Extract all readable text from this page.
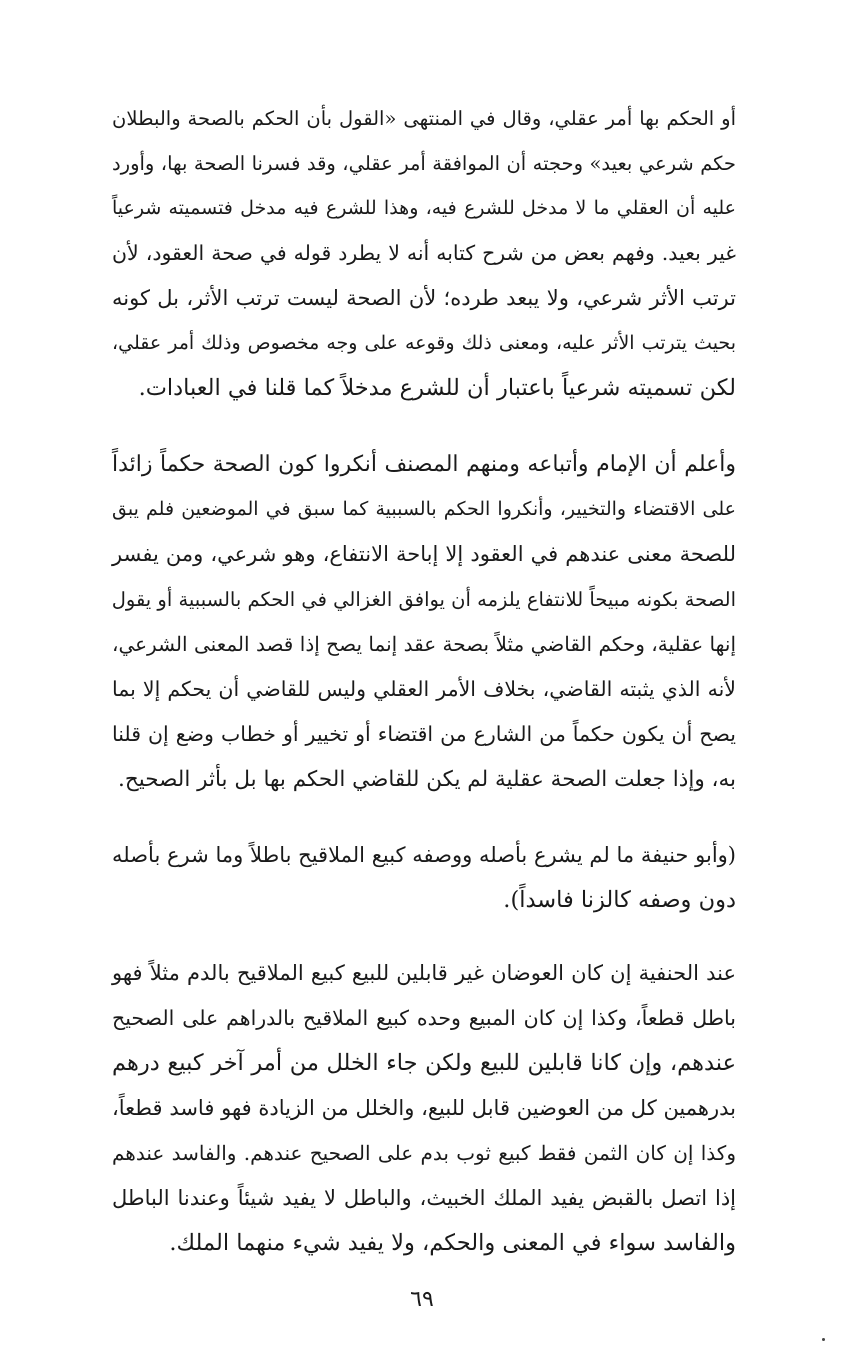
أو الحكم بها أمر عقلي، وقال في المنتهى «القول بأن الحكم بالصحة والبطلان
حكم شرعي بعيد» وحجته أن الموافقة أمر عقلي، وقد فسرنا الصحة بها، وأورد
عليه أن العقلي ما لا مدخل للشرع فيه، وهذا للشرع فيه مدخل فتسميته شرعياً
غير بعيد. وفهم بعض من شرح كتابه أنه لا يطرد قوله في صحة العقود، لأن
ترتب الأثر شرعي، ولا يبعد طرده؛ لأن الصحة ليست ترتب الأثر، بل كونه
بحيث يترتب الأثر عليه، ومعنى ذلك وقوعه على وجه مخصوص وذلك أمر عقلي،
لكن تسميته شرعياً باعتبار أن للشرع مدخلاً كما قلنا في العبادات.

وأعلم أن الإمام وأتباعه ومنهم المصنف أنكروا كون الصحة حكماً زائداً
على الاقتضاء والتخيير، وأنكروا الحكم بالسببية كما سبق في الموضعين فلم يبق
للصحة معنى عندهم في العقود إلا إباحة الانتفاع، وهو شرعي، ومن يفسر
الصحة بكونه مبيحاً للانتفاع يلزمه أن يوافق الغزالي في الحكم بالسببية أو يقول
إنها عقلية، وحكم القاضي مثلاً بصحة عقد إنما يصح إذا قصد المعنى الشرعي،
لأنه الذي يثبته القاضي، بخلاف الأمر العقلي وليس للقاضي أن يحكم إلا بما
يصح أن يكون حكماً من الشارع من اقتضاء أو تخيير أو خطاب وضع إن قلنا
به، وإذا جعلت الصحة عقلية لم يكن للقاضي الحكم بها بل بأثر الصحيح.

(وأبو حنيفة ما لم يشرع بأصله ووصفه كبيع الملاقيح باطلاً وما شرع بأصله
دون وصفه كالزنا فاسداً).

عند الحنفية إن كان العوضان غير قابلين للبيع كبيع الملاقيح بالدم مثلاً فهو
باطل قطعاً، وكذا إن كان المبيع وحده كبيع الملاقيح بالدراهم على الصحيح
عندهم، وإن كانا قابلين للبيع ولكن جاء الخلل من أمر آخر كبيع درهم
بدرهمين كل من العوضين قابل للبيع، والخلل من الزيادة فهو فاسد قطعاً،
وكذا إن كان الثمن فقط كبيع ثوب بدم على الصحيح عندهم. والفاسد عندهم
إذا اتصل بالقبض يفيد الملك الخبيث، والباطل لا يفيد شيئاً وعندنا الباطل
والفاسد سواء في المعنى والحكم، ولا يفيد شيء منهما الملك.

٦٩
